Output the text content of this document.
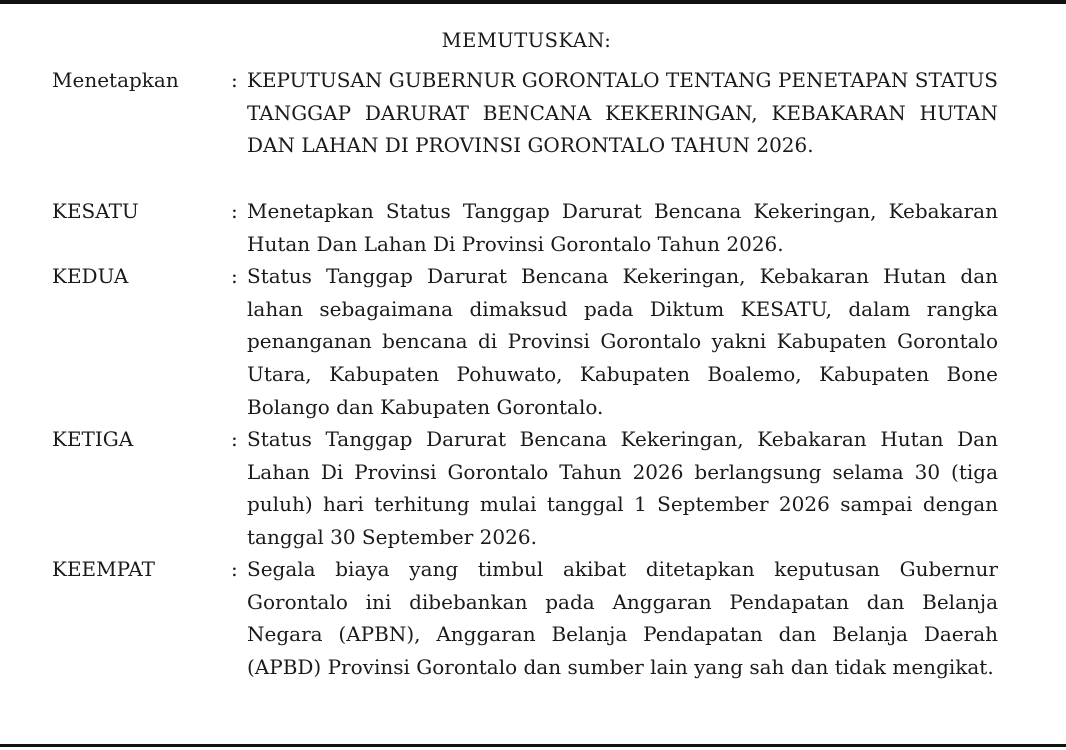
MEMUTUSKAN:
Menetapkan	: KEPUTUSAN GUBERNUR GORONTALO TENTANG PENETAPAN STATUS TANGGAP DARURAT BENCANA KEKERINGAN, KEBAKARAN HUTAN DAN LAHAN DI PROVINSI GORONTALO TAHUN 2026.
KESATU	: Menetapkan Status Tanggap Darurat Bencana Kekeringan, Kebakaran Hutan Dan Lahan Di Provinsi Gorontalo Tahun 2026.
KEDUA	: Status Tanggap Darurat Bencana Kekeringan, Kebakaran Hutan dan lahan sebagaimana dimaksud pada Diktum KESATU, dalam rangka penanganan bencana di Provinsi Gorontalo yakni Kabupaten Gorontalo Utara, Kabupaten Pohuwato, Kabupaten Boalemo, Kabupaten Bone Bolango dan Kabupaten Gorontalo.
KETIGA	: Status Tanggap Darurat Bencana Kekeringan, Kebakaran Hutan Dan Lahan Di Provinsi Gorontalo Tahun 2026 berlangsung selama 30 (tiga puluh) hari terhitung mulai tanggal 1 September 2026 sampai dengan tanggal 30 September 2026.
KEEMPAT	: Segala biaya yang timbul akibat ditetapkan keputusan Gubernur Gorontalo ini dibebankan pada Anggaran Pendapatan dan Belanja Negara (APBN), Anggaran Belanja Pendapatan dan Belanja Daerah (APBD) Provinsi Gorontalo dan sumber lain yang sah dan tidak mengikat.
